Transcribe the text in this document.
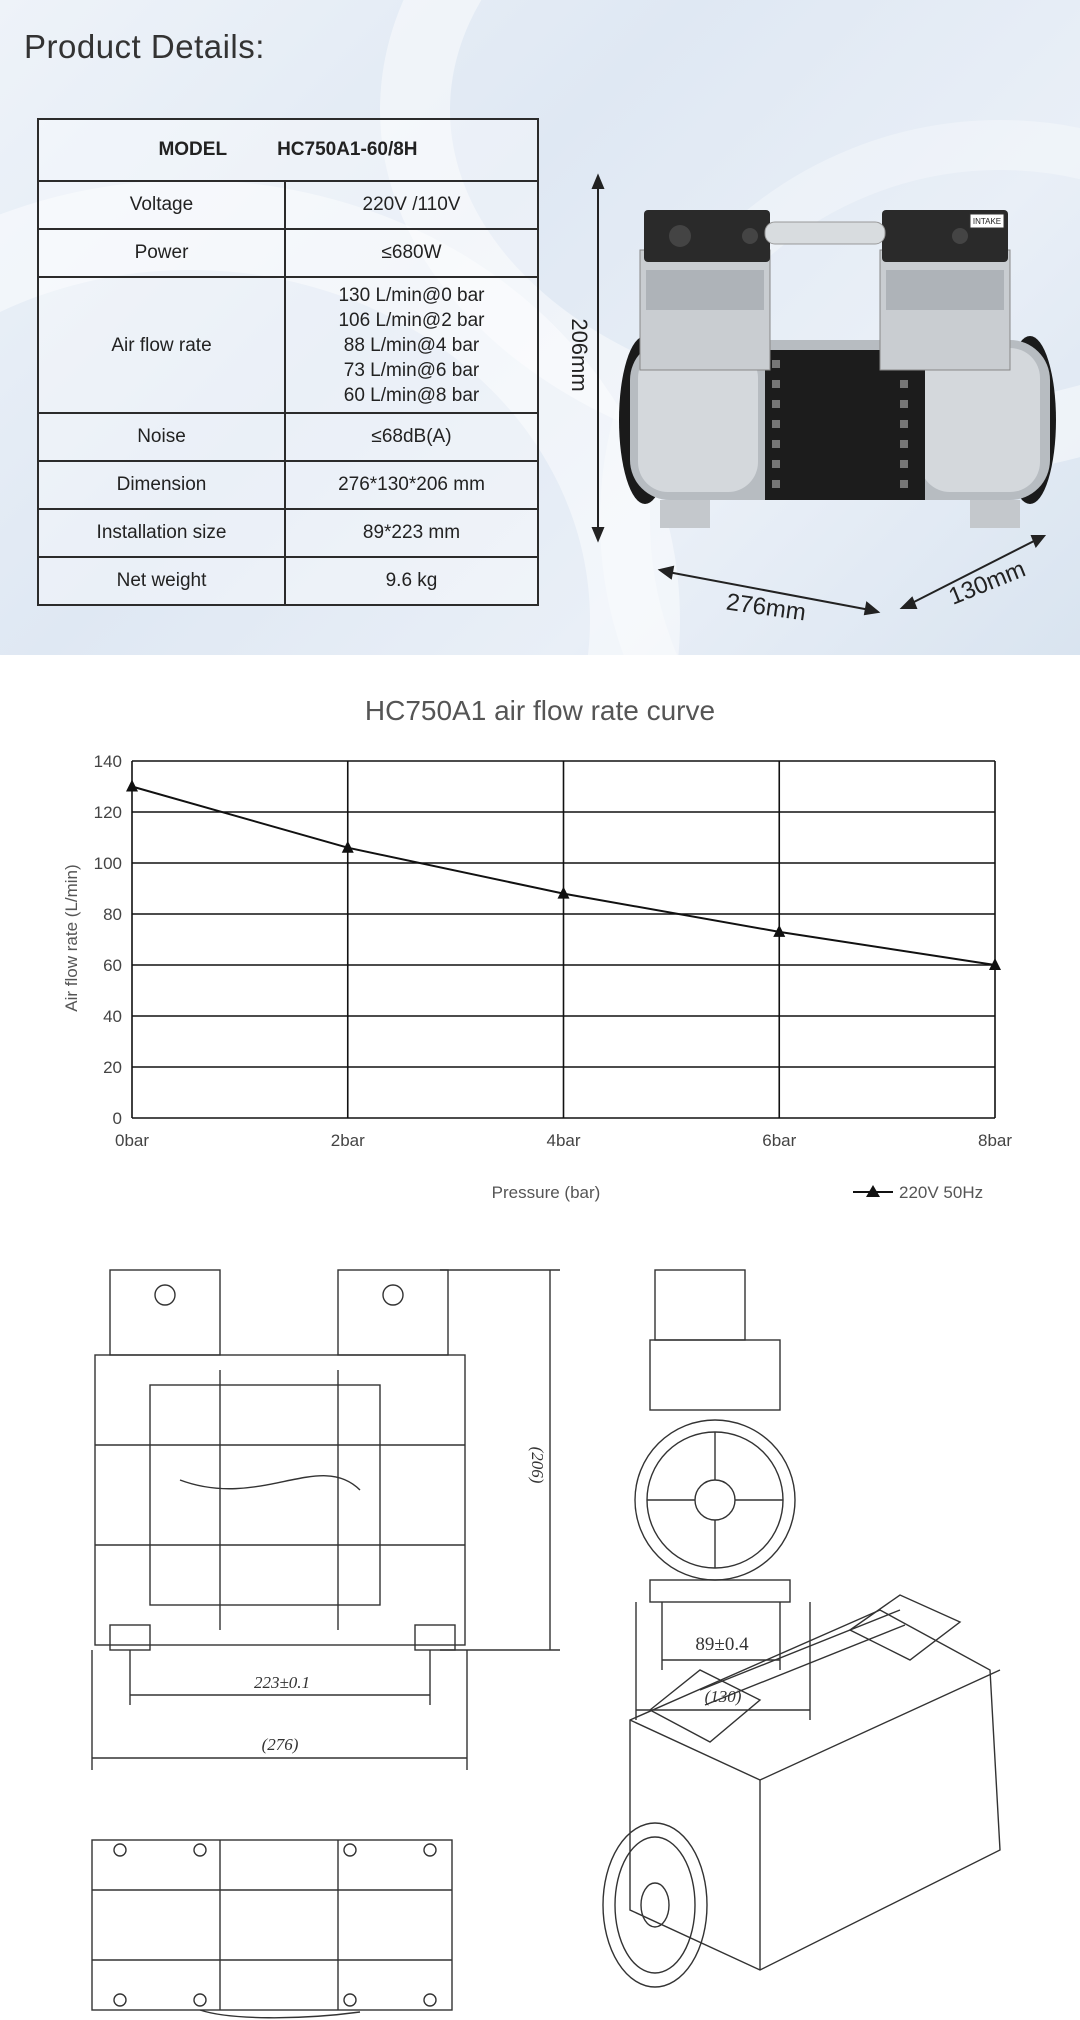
Product Details:
MODEL HC750A1-60/8H	
Voltage	220V /110V
Power	≤680W
Air flow rate	130 L/min@0 bar
106 L/min@2 bar
88 L/min@4 bar
73 L/min@6 bar
60 L/min@8 bar

Noise	≤68dB(A)
Dimension	276*130*206 mm
Installation size	89*223 mm
Net weight	9.6 kg
206mm
INTAKE
276mm	130mm
HC750A1 air flow rate curve
0
20
40
60
80
100
120
140
0bar	2bar	4bar	6bar	8bar
Air flow rate (L/min)
Pressure (bar)	220V 50Hz
(206)
223±0.1
(276)
89±0.4
(130)
